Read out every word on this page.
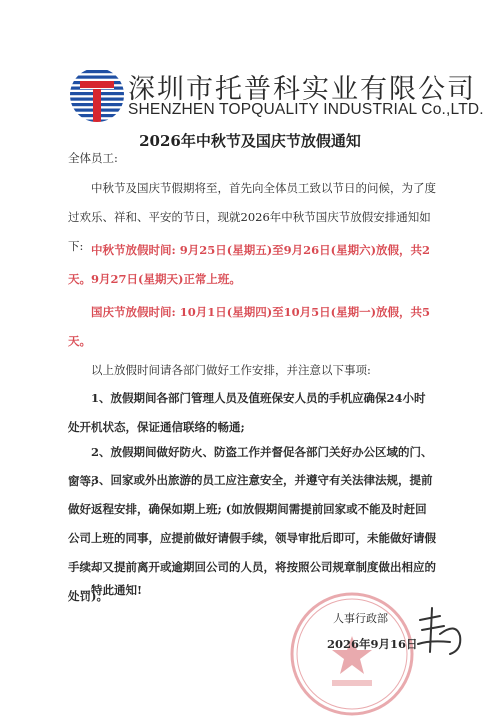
深圳市托普科实业有限公司
SHENZHEN TOPQUALITY INDUSTRIAL Co.,LTD.
2026年中秋节及国庆节放假通知
全体员工:
中秋节及国庆节假期将至，首先向全体员工致以节日的问候，为了度过欢乐、祥和、平安的节日，现就2026年中秋节国庆节放假安排通知如下: 中秋节放假时间: 9月25日(星期五)至9月26日(星期六)放假，共2天。9月27日(星期天)正常上班。
国庆节放假时间: 10月1日(星期四)至10月5日(星期一)放假，共5天。
以上放假时间请各部门做好工作安排，并注意以下事项:
1、放假期间各部门管理人员及值班保安人员的手机应确保24小时处开机状态，保证通信联络的畅通;
2、放假期间做好防火、防盗工作并督促各部门关好办公区域的门、窗等;
3、回家或外出旅游的员工应注意安全，并遵守有关法律法规，提前做好返程安排，确保如期上班; (如放假期间需提前回家或不能及时赶回公司上班的同事，应提前做好请假手续，领导审批后即可，未能做好请假手续却又提前离开或逾期回公司的人员，将按照公司规章制度做出相应的处罚)。
特此通知!
人事行政部
2026年9月16日
